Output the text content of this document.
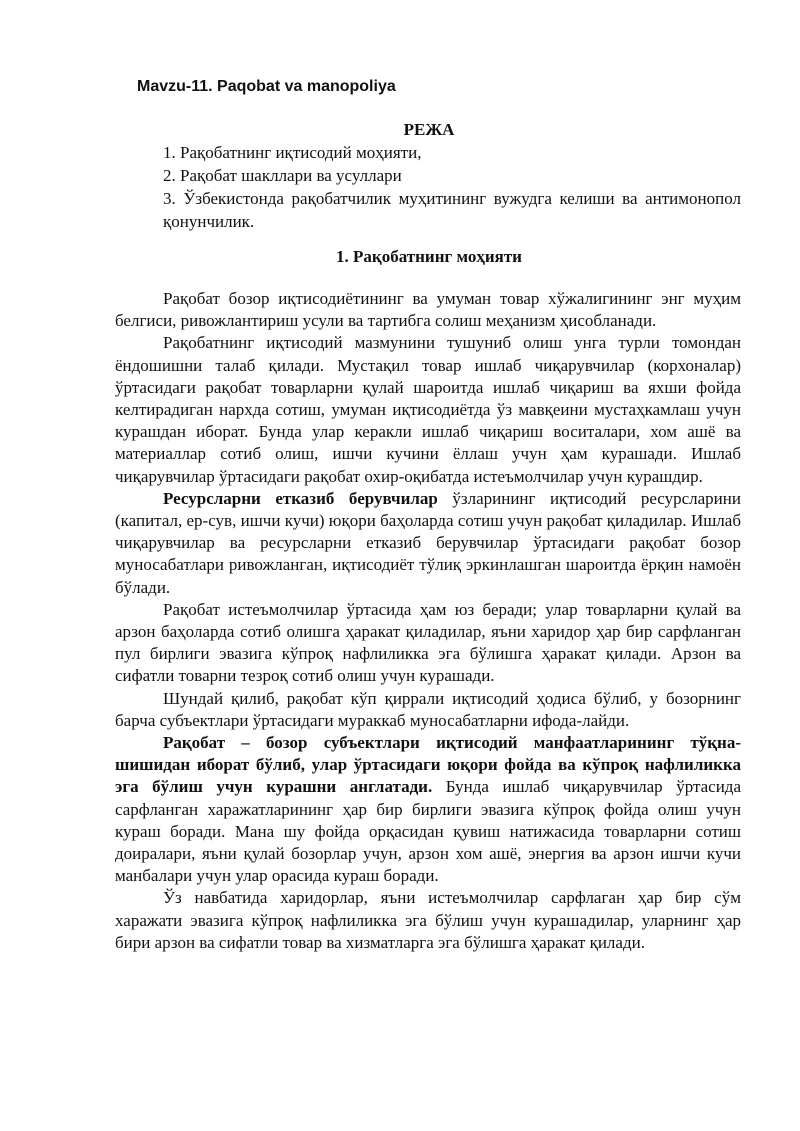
Mavzu-11. Paqobat va manopoliya
РЕЖА
1. Рақобатнинг иқтисодий моҳияти,
2. Рақобат шакллари ва усуллари
3. Ўзбекистонда рақобатчилик муҳитининг вужудга келиши ва антимонопол қонунчилик.
1. Рақобатнинг моҳияти

Рақобат бозор иқтисодиётининг ва умуман товар хўжалигининг энг муҳим белгиси, ривожлантириш усули ва тартибга солиш меҳанизм ҳисобланади.

Рақобатнинг иқтисодий мазмунини тушуниб олиш унга турли томондан ёндошишни талаб қилади. Мустақил товар ишлаб чиқарувчилар (корхоналар) ўртасидаги рақобат товарларни қулай шароитда ишлаб чиқариш ва яхши фойда келтирадиган нархда сотиш, умуман иқтисодиётда ўз мавқеини мустаҳкамлаш учун курашдан иборат. Бунда улар керакли ишлаб чиқариш воситалари, хом ашё ва материаллар сотиб олиш, ишчи кучини ёллаш учун ҳам курашади. Ишлаб чиқарувчилар ўртасидаги рақобат охир-оқибатда истеъмолчилар учун курашдир.

Ресурсларни етказиб берувчилар ўзларининг иқтисодий ресурсларини (капитал, ер-сув, ишчи кучи) юқори баҳоларда сотиш учун рақобат қиладилар. Ишлаб чиқарувчилар ва ресурсларни етказиб берувчилар ўртасидаги рақобат бозор муносабатлари ривожланган, иқтисодиёт тўлиқ эркинлашган шароитда ёрқин намоён бўлади.

Рақобат истеъмолчилар ўртасида ҳам юз беради; улар товарларни қулай ва арзон баҳоларда сотиб олишга ҳаракат қиладилар, яъни харидор ҳар бир сарфланган пул бирлиги эвазига кўпроқ нафлиликка эга бўлишга ҳаракат қилади. Арзон ва сифатли товарни тезроқ сотиб олиш учун курашади.

Шундай қилиб, рақобат кўп қиррали иқтисодий ҳодиса бўлиб, у бозорнинг барча субъектлари ўртасидаги мураккаб муносабатларни ифода-лайди.

Рақобат – бозор субъектлари иқтисодий манфаатларининг тўқна-шишидан иборат бўлиб, улар ўртасидаги юқори фойда ва кўпроқ нафлиликка эга бўлиш учун курашни англатади. Бунда ишлаб чиқарувчилар ўртасида сарфланган харажатларининг ҳар бир бирлиги эвазига кўпроқ фойда олиш учун кураш боради. Мана шу фойда орқасидан қувиш натижасида товарларни сотиш доиралари, яъни қулай бозорлар учун, арзон хом ашё, энергия ва арзон ишчи кучи манбалари учун улар орасида кураш боради.

Ўз навбатида харидорлар, яъни истеъмолчилар сарфлаган ҳар бир сўм харажати эвазига кўпроқ нафлиликка эга бўлиш учун курашадилар, уларнинг ҳар бири арзон ва сифатли товар ва хизматларга эга бўлишга ҳаракат қилади.
